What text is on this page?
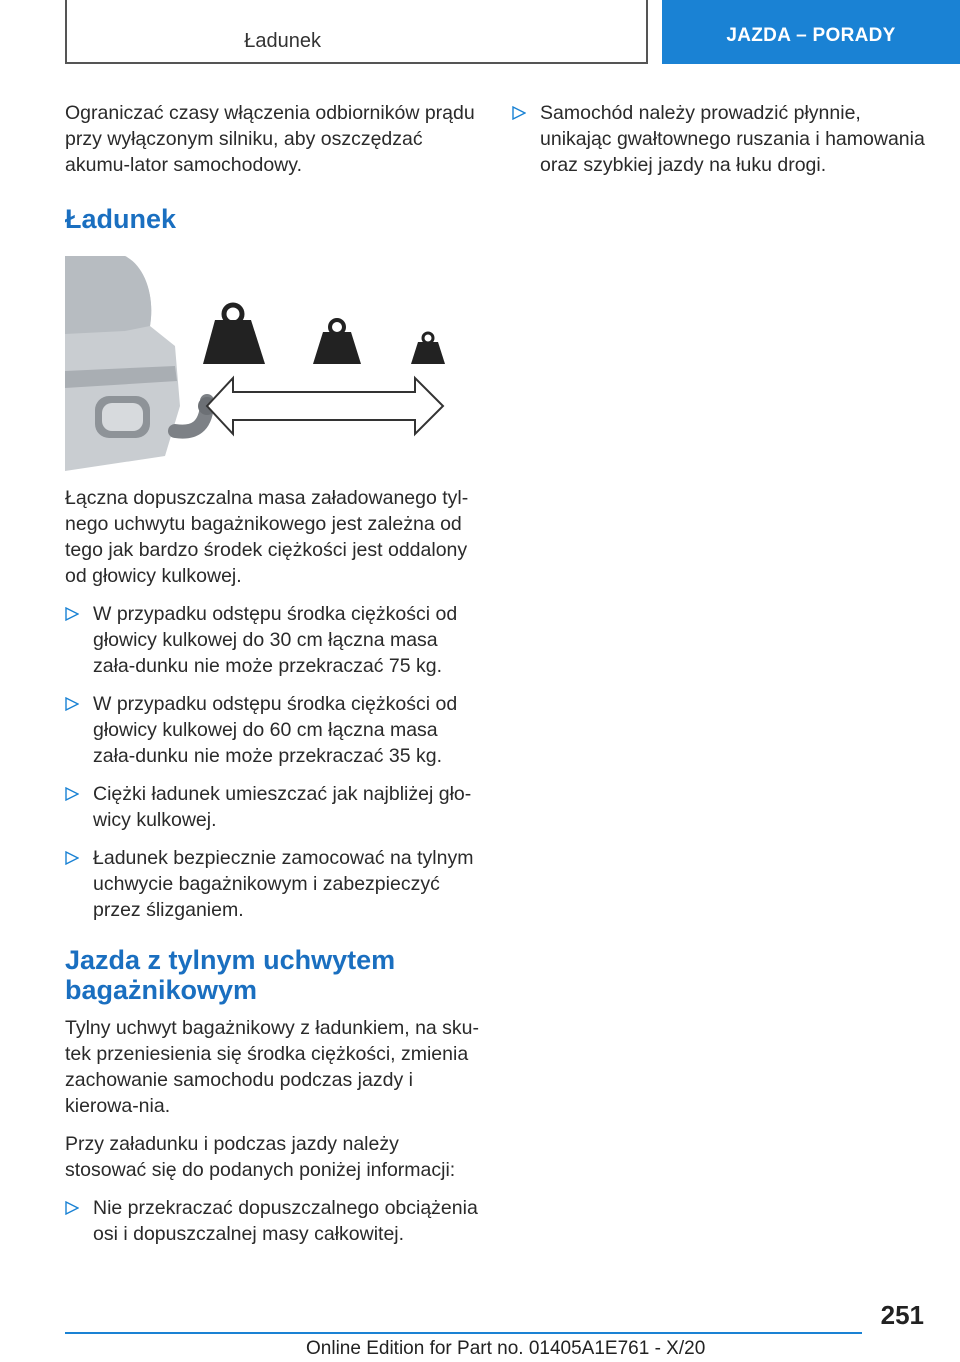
Ładunek	JAZDA – PORADY

Ograniczać czasy włączenia odbiorników prądu przy wyłączonym silniku, aby oszczędzać akumu‐lator samochodowy.

Ładunek

Łączna dopuszczalna masa załadowanego tyl‐nego uchwytu bagażnikowego jest zależna od tego jak bardzo środek ciężkości jest oddalony od głowicy kulkowej.

W przypadku odstępu środka ciężkości od głowicy kulkowej do 30 cm łączna masa zała‐dunku nie może przekraczać 75 kg.
W przypadku odstępu środka ciężkości od głowicy kulkowej do 60 cm łączna masa zała‐dunku nie może przekraczać 35 kg.
Ciężki ładunek umieszczać jak najbliżej gło‐wicy kulkowej.
Ładunek bezpiecznie zamocować na tylnym uchwycie bagażnikowym i zabezpieczyć przez ślizganiem.
Jazda z tylnym uchwytem bagażnikowym

Tylny uchwyt bagażnikowy z ładunkiem, na sku‐tek przeniesienia się środka ciężkości, zmienia zachowanie samochodu podczas jazdy i kierowa‐nia.

Przy załadunku i podczas jazdy należy stosować się do podanych poniżej informacji:

Nie przekraczać dopuszczalnego obciążenia osi i dopuszczalnej masy całkowitej.
Samochód należy prowadzić płynnie, unikając gwałtownego ruszania i hamowania oraz szybkiej jazdy na łuku drogi.
251
Online Edition for Part no. 01405A1E761 - X/20
